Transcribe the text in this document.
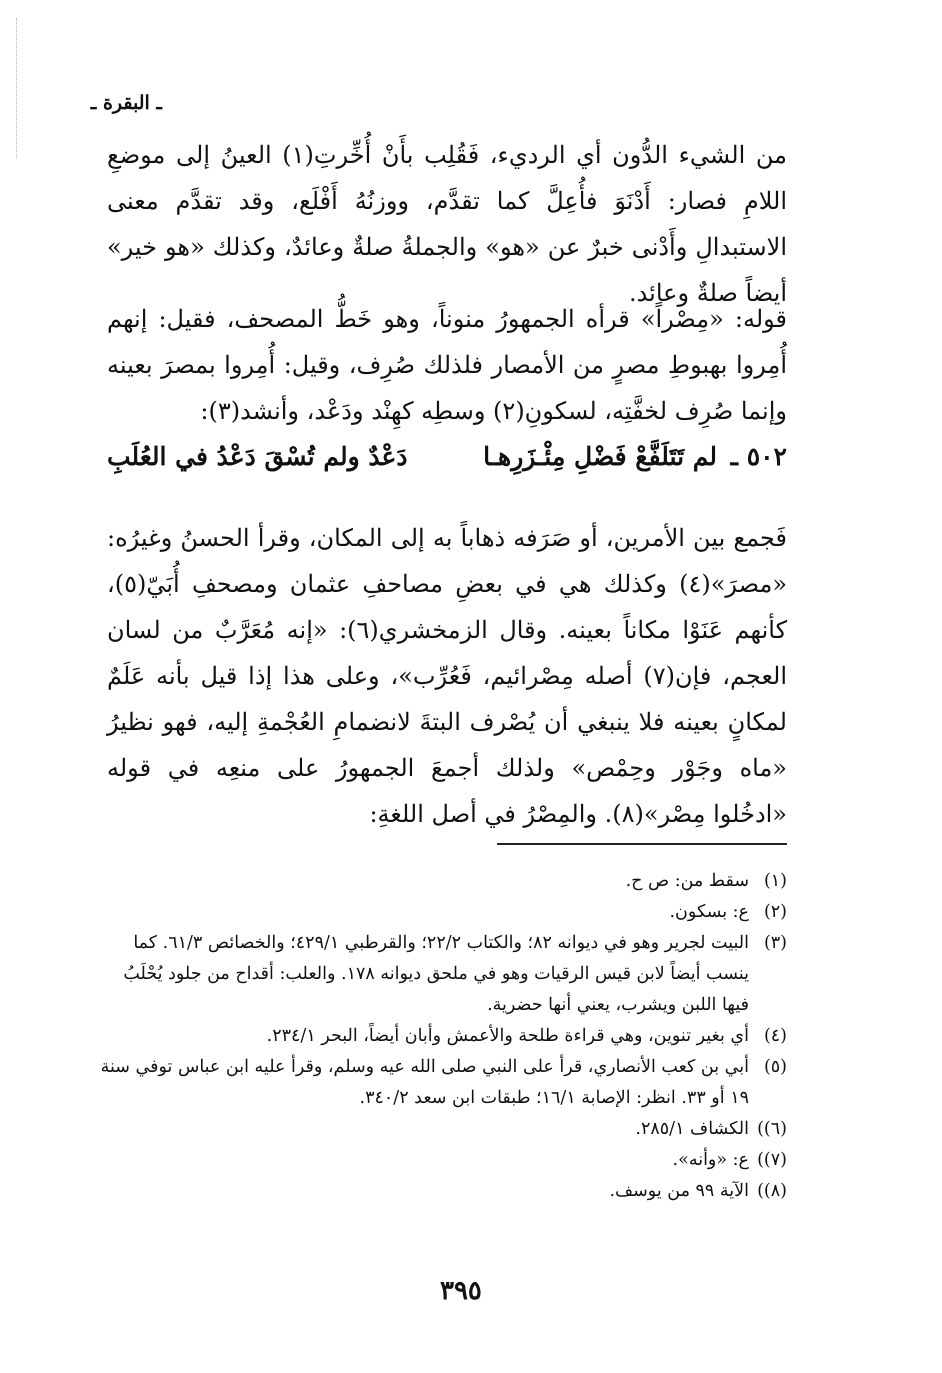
ـ البقرة ـ
من الشيء الدُّون أي الرديء، فَقُلِب بأَنْ أُخِّرتِ(١) العينُ إلى موضعِ اللامِ فصار: أَدْنَوَ فأُعِلَّ كما تقدَّم، ووزنُهُ أَفْلَع، وقد تقدَّم معنى الاستبدالِ وأَدْنى خبرٌ عن «هو» والجملةُ صلةٌ وعائدٌ، وكذلك «هو خير» أيضاً صلةٌ وعائد.
قوله: «مِصْراً» قرأه الجمهورُ منوناً، وهو خَطُّ المصحف، فقيل: إنهم أُمِروا بهبوطِ مصرٍ من الأمصار فلذلك صُرِف، وقيل: أُمِروا بمصرَ بعينه وإنما صُرِف لخفَّتِه، لسكونِ(٢) وسطِه كهِنْد ودَعْد، وأنشد(٣):
٥٠٢ ـ
لم تَتَلَفَّعْ فَضْلِ مِئْـزَرِهـا
دَعْدٌ ولم تُسْقَ دَعْدُ في العُلَبِ
فَجمع بين الأمرين، أو صَرَفه ذهاباً به إلى المكان، وقرأ الحسنُ وغيرُه: «مصرَ»(٤) وكذلك هي في بعضِ مصاحفِ عثمان ومصحفِ أُبَيّ(٥)، كأنهم عَنَوْا مكاناً بعينه. وقال الزمخشري(٦): «إنه مُعَرَّبٌ من لسان العجم، فإن(٧) أصله مِصْرائيم، فَعُرِّب»، وعلى هذا إذا قيل بأنه عَلَمٌ لمكانٍ بعينه فلا ينبغي أن يُصْرف البتةَ لانضمامِ العُجْمةِ إليه، فهو نظيرُ «ماه وجَوْر وحِمْص» ولذلك أجمعَ الجمهورُ على منعِه في قوله «ادخُلوا مِصْر»(٨). والمِصْرُ في أصل اللغةِ:
(١)
سقط من: ص ح.
(٢)
ع: بسكون.
(٣)
البيت لجرير وهو في ديوانه ٨٢؛ والكتاب ٢٢/٢؛ والقرطبي ٤٢٩/١؛ والخصائص ٦١/٣. كما ينسب أيضاً لابن قيس الرقيات وهو في ملحق ديوانه ١٧٨. والعلب: أقداح من جلود يُحْلَبُ فيها اللبن ويشرب، يعني أنها حضرية.
(٤)
أي بغير تنوين، وهي قراءة طلحة والأعمش وأبان أيضاً، البحر ٢٣٤/١.
(٥)
أبي بن كعب الأنصاري، قرأ على النبي صلى الله عيه وسلم، وقرأ عليه ابن عباس توفي سنة ١٩ أو ٣٣. انظر: الإصابة ١٦/١؛ طبقات ابن سعد ٣٤٠/٢.
(٦))
الكشاف ٢٨٥/١.
(٧))
ع: «وأنه».
(٨))
الآية ٩٩ من يوسف.
٣٩٥
